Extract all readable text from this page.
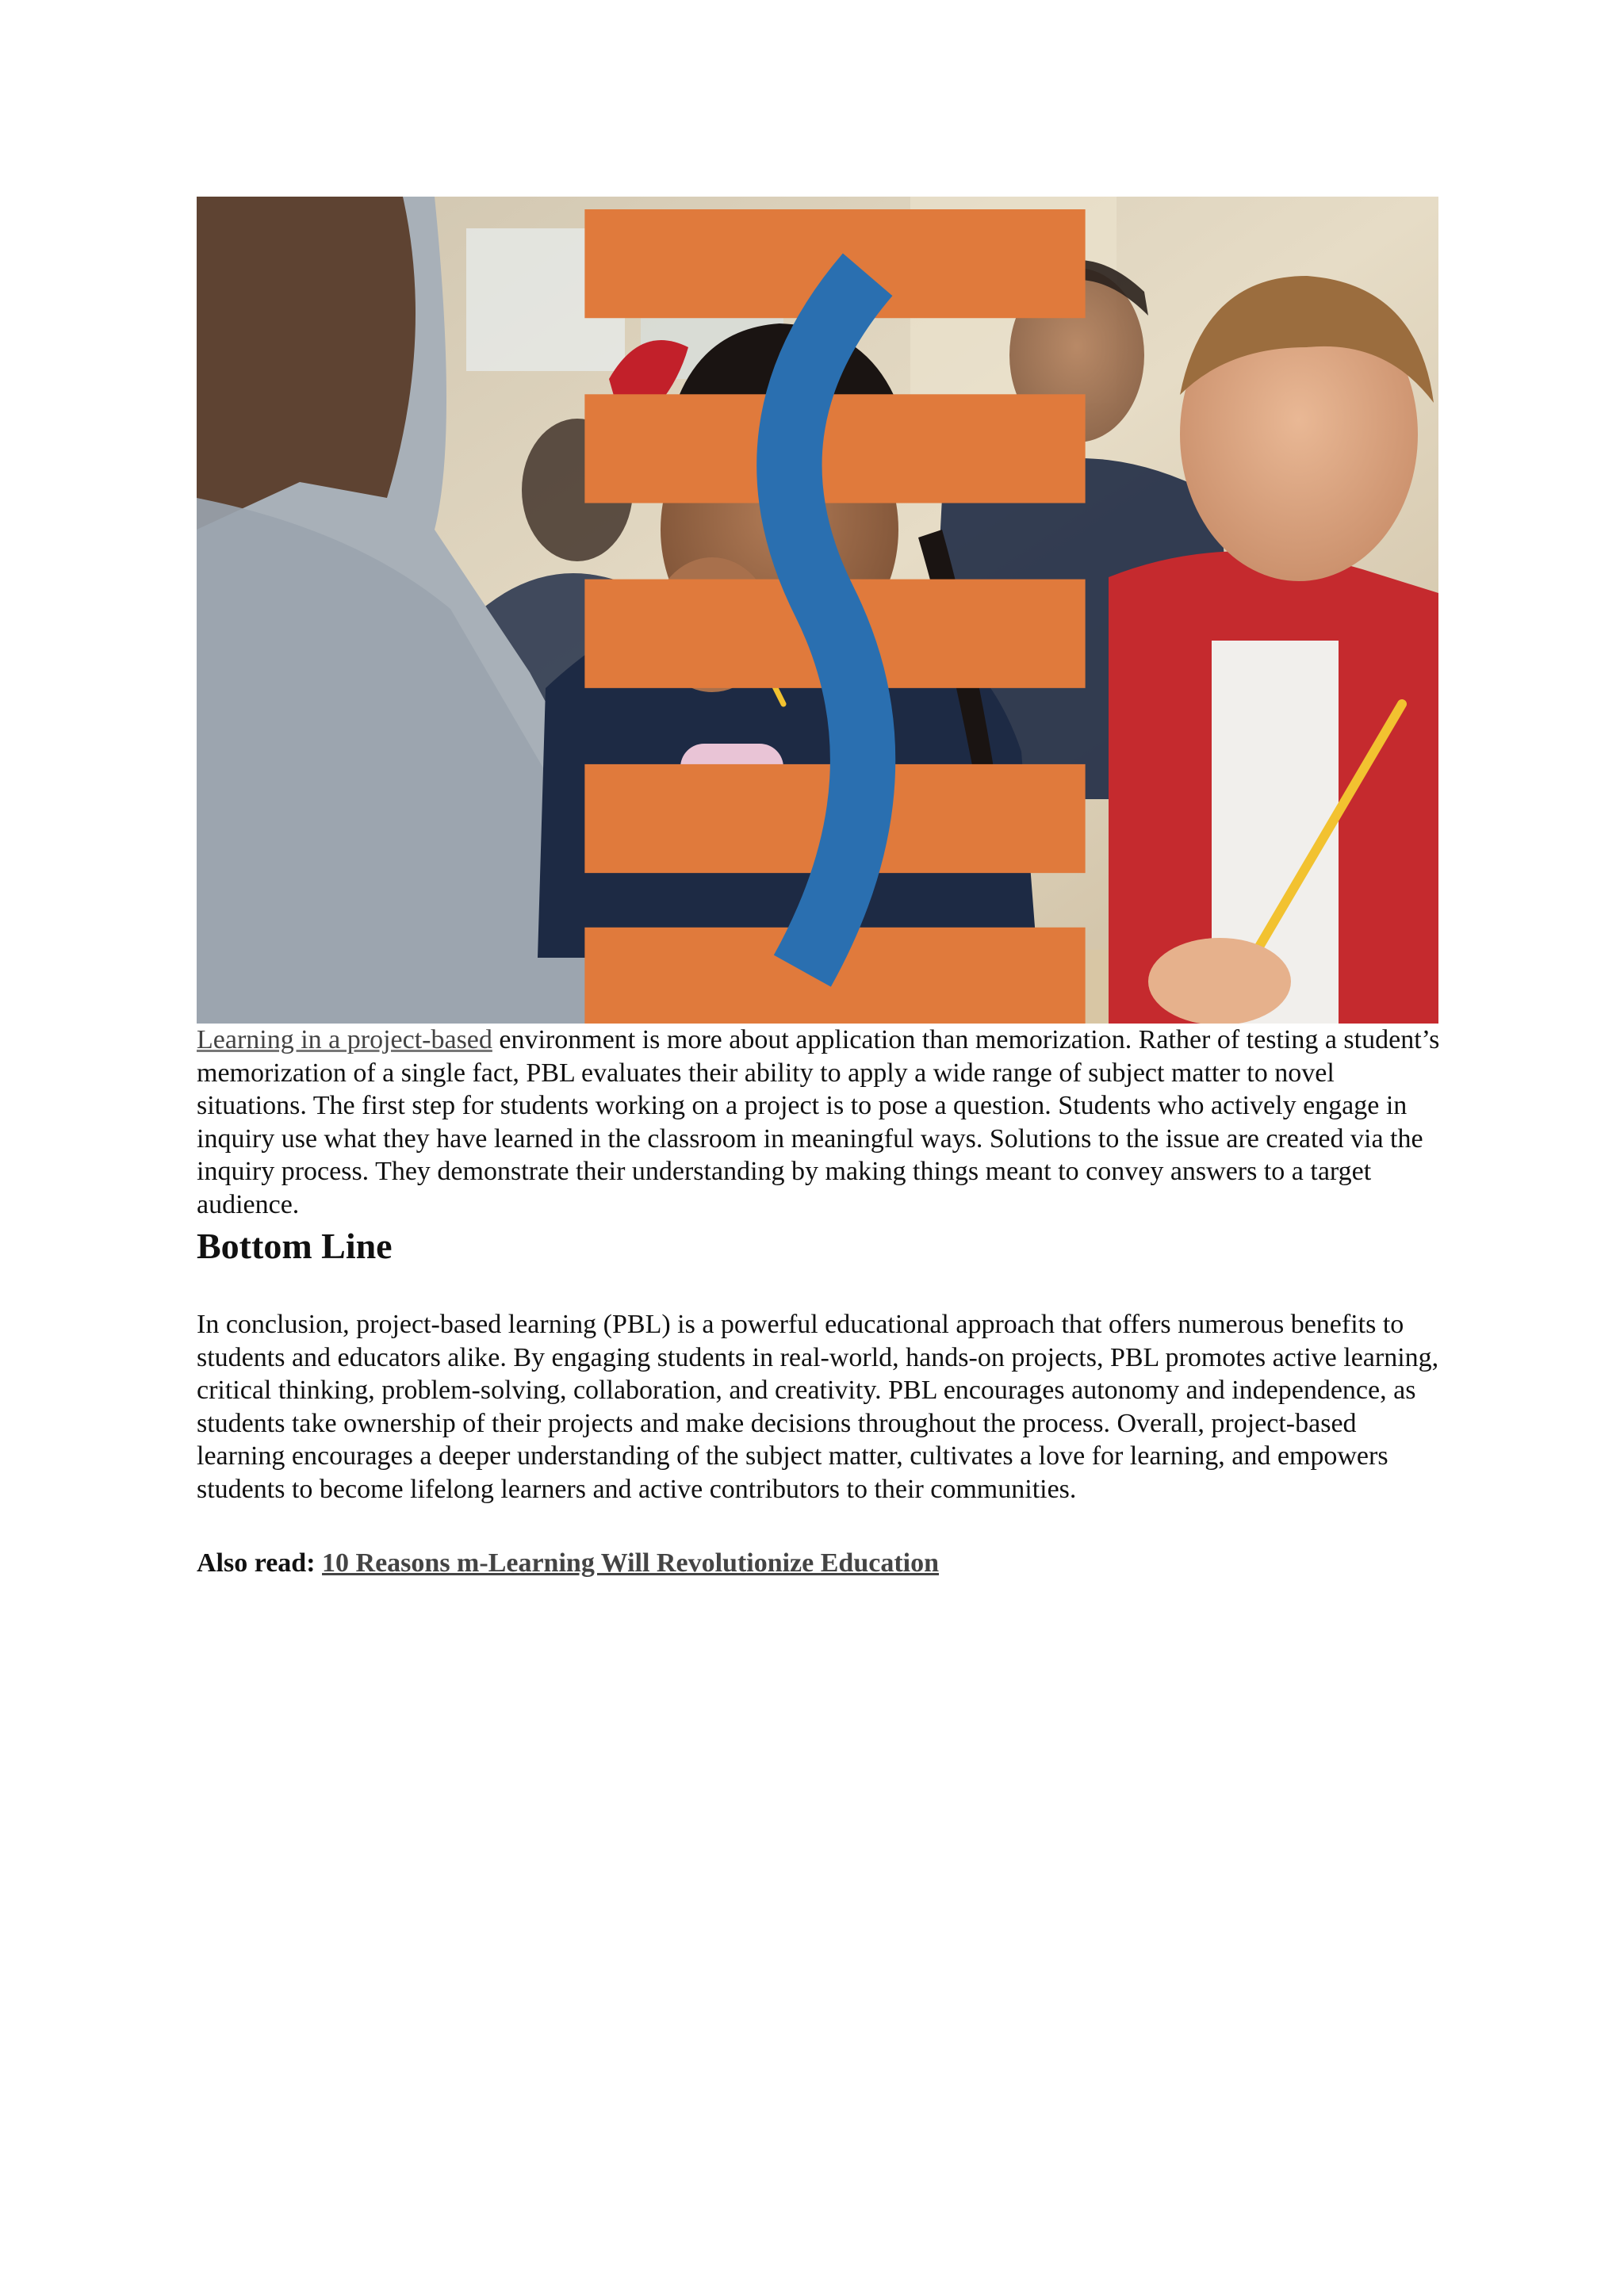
Learning in a project-based environment is more about application than memorization. Rather of testing a student’s memorization of a single fact, PBL evaluates their ability to apply a wide range of subject matter to novel situations. The first step for students working on a project is to pose a question. Students who actively engage in inquiry use what they have learned in the classroom in meaningful ways. Solutions to the issue are created via the inquiry process. They demonstrate their understanding by making things meant to convey answers to a target audience.

Bottom Line

In conclusion, project-based learning (PBL) is a powerful educational approach that offers numerous benefits to students and educators alike. By engaging students in real-world, hands-on projects, PBL promotes active learning, critical thinking, problem-solving, collaboration, and creativity. PBL encourages autonomy and independence, as students take ownership of their projects and make decisions throughout the process. Overall, project-based learning encourages a deeper understanding of the subject matter, cultivates a love for learning, and empowers students to become lifelong learners and active contributors to their communities.

Also read: 10 Reasons m-Learning Will Revolutionize Education
